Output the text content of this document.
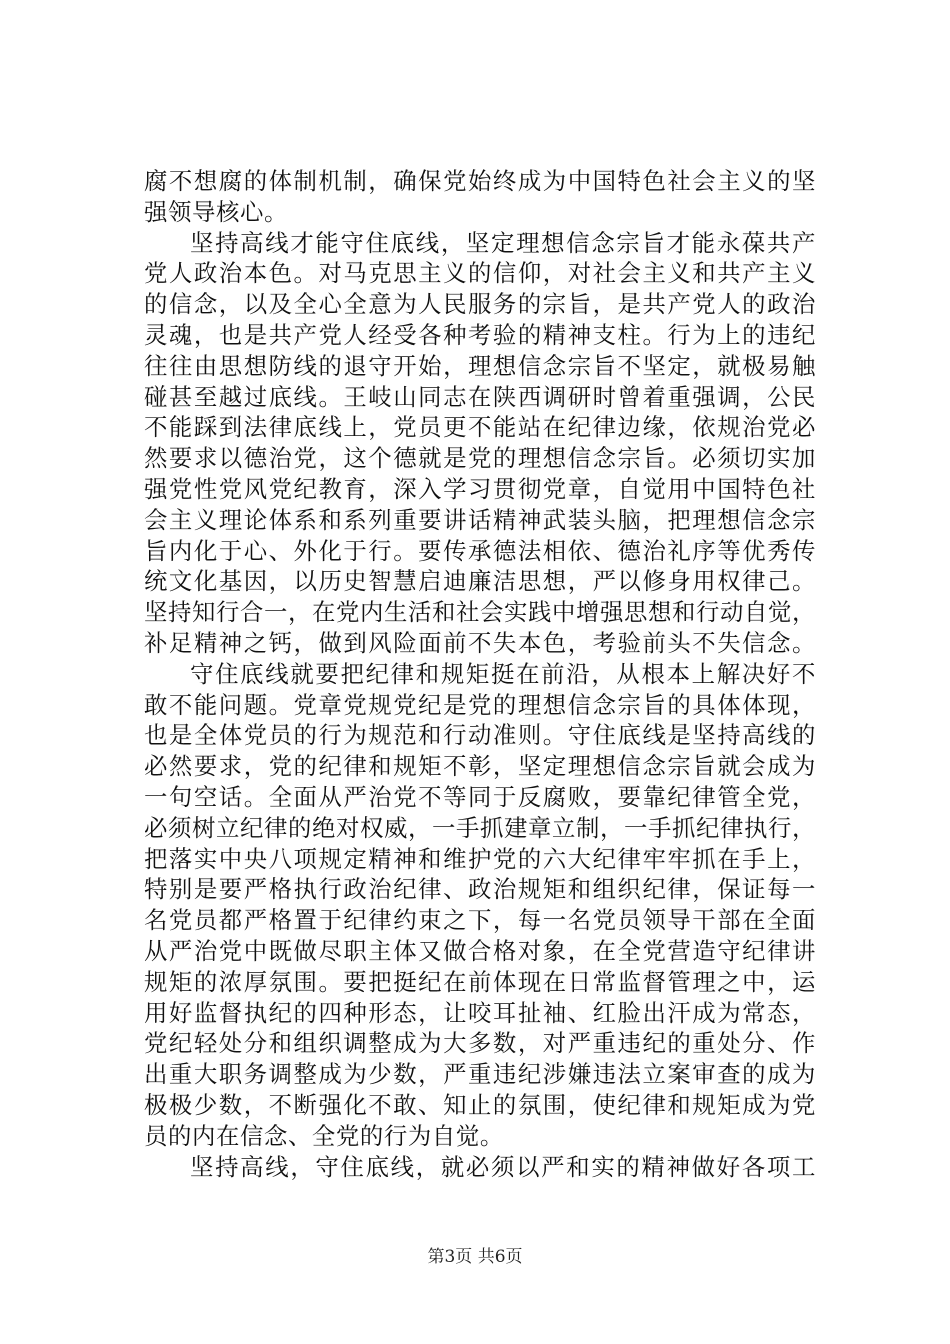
腐不想腐的体制机制，确保党始终成为中国特色社会主义的坚
强领导核心。
坚持高线才能守住底线，坚定理想信念宗旨才能永葆共产
党人政治本色。对马克思主义的信仰，对社会主义和共产主义
的信念，以及全心全意为人民服务的宗旨，是共产党人的政治
灵魂，也是共产党人经受各种考验的精神支柱。行为上的违纪
往往由思想防线的退守开始，理想信念宗旨不坚定，就极易触
碰甚至越过底线。王岐山同志在陕西调研时曾着重强调，公民
不能踩到法律底线上，党员更不能站在纪律边缘，依规治党必
然要求以德治党，这个德就是党的理想信念宗旨。必须切实加
强党性党风党纪教育，深入学习贯彻党章，自觉用中国特色社
会主义理论体系和系列重要讲话精神武装头脑，把理想信念宗
旨内化于心、外化于行。要传承德法相依、德治礼序等优秀传
统文化基因，以历史智慧启迪廉洁思想，严以修身用权律己。
坚持知行合一，在党内生活和社会实践中增强思想和行动自觉，
补足精神之钙，做到风险面前不失本色，考验前头不失信念。
守住底线就要把纪律和规矩挺在前沿，从根本上解决好不
敢不能问题。党章党规党纪是党的理想信念宗旨的具体体现，
也是全体党员的行为规范和行动准则。守住底线是坚持高线的
必然要求，党的纪律和规矩不彰，坚定理想信念宗旨就会成为
一句空话。全面从严治党不等同于反腐败，要靠纪律管全党，
必须树立纪律的绝对权威，一手抓建章立制，一手抓纪律执行，
把落实中央八项规定精神和维护党的六大纪律牢牢抓在手上，
特别是要严格执行政治纪律、政治规矩和组织纪律，保证每一
名党员都严格置于纪律约束之下，每一名党员领导干部在全面
从严治党中既做尽职主体又做合格对象，在全党营造守纪律讲
规矩的浓厚氛围。要把挺纪在前体现在日常监督管理之中，运
用好监督执纪的四种形态，让咬耳扯袖、红脸出汗成为常态，
党纪轻处分和组织调整成为大多数，对严重违纪的重处分、作
出重大职务调整成为少数，严重违纪涉嫌违法立案审查的成为
极极少数，不断强化不敢、知止的氛围，使纪律和规矩成为党
员的内在信念、全党的行为自觉。
坚持高线，守住底线，就必须以严和实的精神做好各项工
第3页 共6页
